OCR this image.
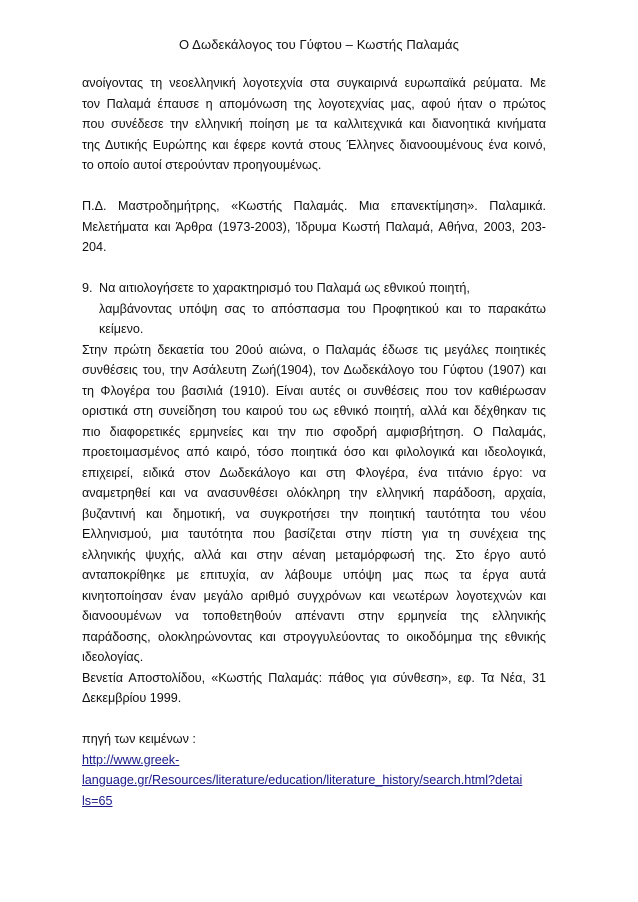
Ο Δωδεκάλογος του Γύφτου – Κωστής Παλαμάς
ανοίγοντας τη νεοελληνική λογοτεχνία στα συγκαιρινά ευρωπαϊκά ρεύματα. Με
τον Παλαμά έπαυσε η απομόνωση της λογοτεχνίας μας, αφού ήταν ο πρώτος
που συνέδεσε την ελληνική ποίηση με τα καλλιτεχνικά και διανοητικά κινήματα
της Δυτικής Ευρώπης και έφερε κοντά στους Έλληνες διανοουμένους ένα κοινό,
το οποίο αυτοί στερούνταν προηγουμένως.
Π.Δ. Μαστροδημήτρης, «Κωστής Παλαμάς. Μια επανεκτίμηση». Παλαμικά.
Μελετήματα και Άρθρα (1973-2003), Ίδρυμα Κωστή Παλαμά, Αθήνα, 2003, 203-
204.
9. Να αιτιολογήσετε το χαρακτηρισμό του Παλαμά ως εθνικού ποιητή,
λαμβάνοντας υπόψη σας το απόσπασμα του Προφητικού και το παρακάτω
κείμενο.
Στην πρώτη δεκαετία του 20ού αιώνα, ο Παλαμάς έδωσε τις μεγάλες ποιητικές
συνθέσεις του, την Ασάλευτη Ζωή(1904), τον Δωδεκάλογο του Γύφτου (1907) και
τη Φλογέρα του βασιλιά (1910). Είναι αυτές οι συνθέσεις που τον καθιέρωσαν
οριστικά στη συνείδηση του καιρού του ως εθνικό ποιητή, αλλά και δέχθηκαν τις
πιο διαφορετικές ερμηνείες και την πιο σφοδρή αμφισβήτηση. Ο Παλαμάς,
προετοιμασμένος από καιρό, τόσο ποιητικά όσο και φιλολογικά και ιδεολογικά,
επιχειρεί, ειδικά στον Δωδεκάλογο και στη Φλογέρα, ένα τιτάνιο έργο: να
αναμετρηθεί και να ανασυνθέσει ολόκληρη την ελληνική παράδοση, αρχαία,
βυζαντινή και δημοτική, να συγκροτήσει την ποιητική ταυτότητα του νέου
Ελληνισμού, μια ταυτότητα που βασίζεται στην πίστη για τη συνέχεια της
ελληνικής ψυχής, αλλά και στην αέναη μεταμόρφωσή της. Στο έργο αυτό
ανταποκρίθηκε με επιτυχία, αν λάβουμε υπόψη μας πως τα έργα αυτά
κινητοποίησαν έναν μεγάλο αριθμό συγχρόνων και νεωτέρων λογοτεχνών και
διανοουμένων να τοποθετηθούν απέναντι στην ερμηνεία της ελληνικής
παράδοσης, ολοκληρώνοντας και στρογγυλεύοντας το οικοδόμημα της εθνικής
ιδεολογίας.
Βενετία Αποστολίδου, «Κωστής Παλαμάς: πάθος για σύνθεση», εφ. Τα Νέα, 31
Δεκεμβρίου 1999.
πηγή των κειμένων :
http://www.greek-
language.gr/Resources/literature/education/literature_history/search.html?detai
ls=65
